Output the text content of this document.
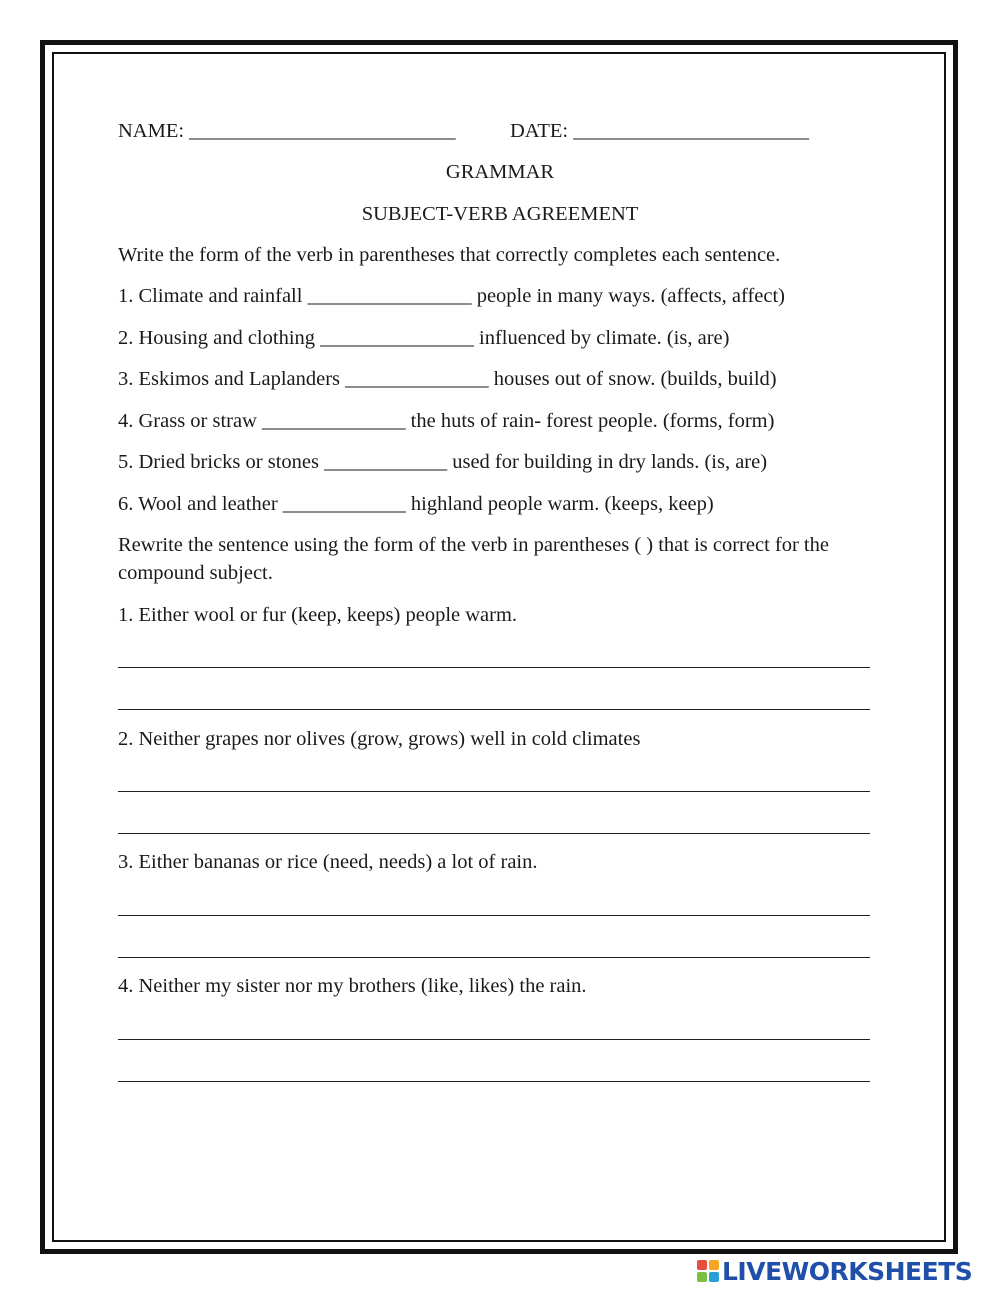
NAME: __________________________	DATE: _______________________
GRAMMAR
SUBJECT-VERB AGREEMENT
Write the form of the verb in parentheses that correctly completes each sentence.
1. Climate and rainfall ________________ people in many ways. (affects, affect)
2. Housing and clothing _______________ influenced by climate. (is, are)
3. Eskimos and Laplanders ______________ houses out of snow. (builds, build)
4. Grass or straw ______________ the huts of rain- forest people. (forms, form)
5. Dried bricks or stones ____________ used for building in dry lands. (is, are)
6. Wool and leather ____________ highland people warm. (keeps, keep)
Rewrite the sentence using the form of the verb in parentheses ( ) that is correct for the compound subject.
1. Either wool or fur (keep, keeps) people warm.
2. Neither grapes nor olives (grow, grows) well in cold climates
3. Either bananas or rice (need, needs) a lot of rain.
4. Neither my sister nor my brothers (like, likes) the rain.
LIVEWORKSHEETS
